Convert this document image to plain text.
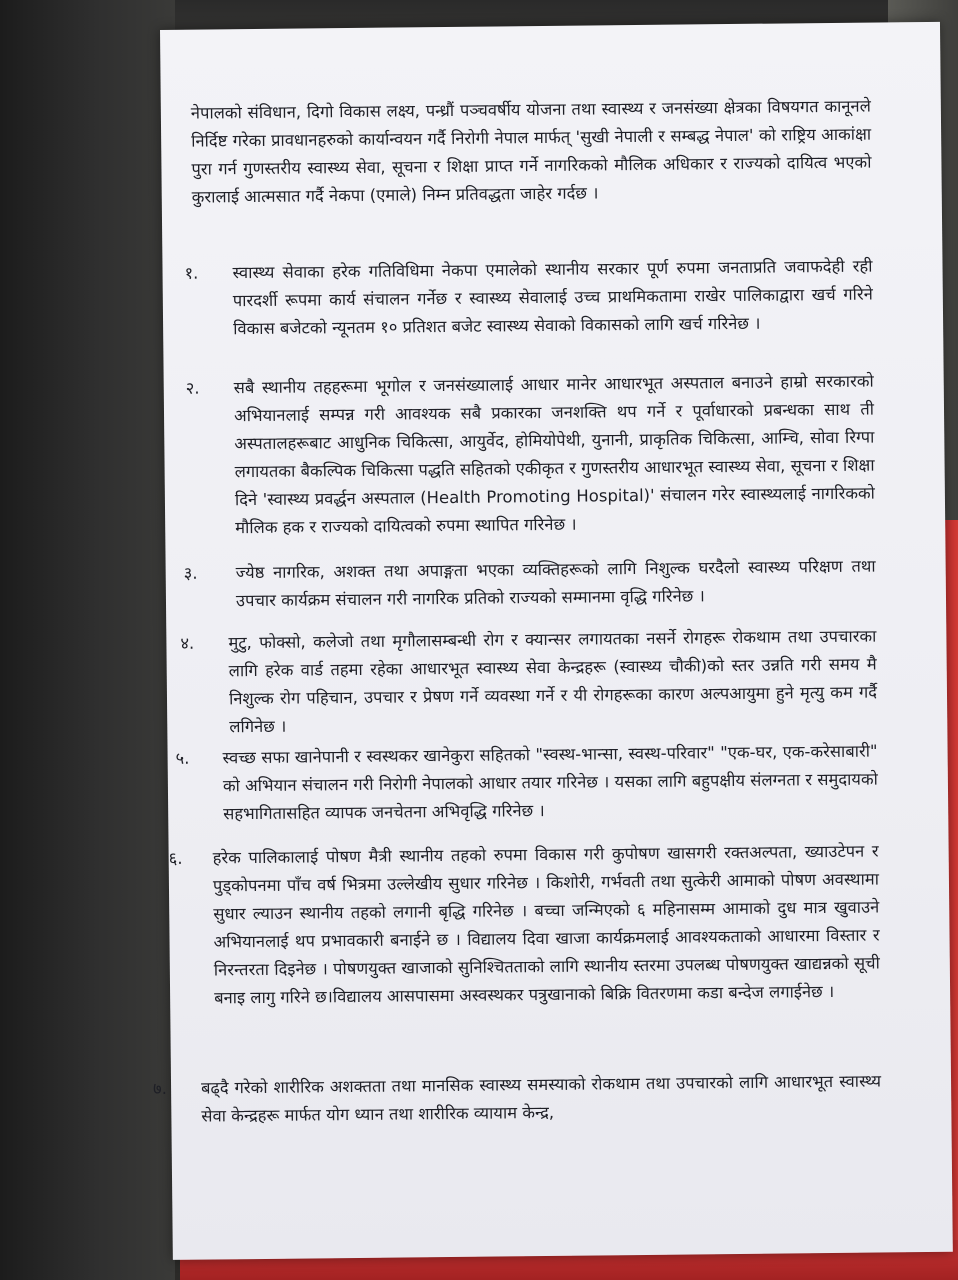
नेपालको संविधान, दिगो विकास लक्ष्य, पन्ध्रौं पञ्चवर्षीय योजना तथा स्वास्थ्य र जनसंख्या क्षेत्रका विषयगत कानूनले निर्दिष्ट गरेका प्रावधानहरुको कार्यान्वयन गर्दै निरोगी नेपाल मार्फत् 'सुखी नेपाली र सम्बद्ध नेपाल' को राष्ट्रिय आकांक्षा पुरा गर्न गुणस्तरीय स्वास्थ्य सेवा, सूचना र शिक्षा प्राप्त गर्ने नागरिकको मौलिक अधिकार र राज्यको दायित्व भएको कुरालाई आत्मसात गर्दै नेकपा (एमाले) निम्न प्रतिवद्धता जाहेर गर्दछ ।

१. स्वास्थ्य सेवाका हरेक गतिविधिमा नेकपा एमालेको स्थानीय सरकार पूर्ण रुपमा जनताप्रति जवाफदेही रही पारदर्शी रूपमा कार्य संचालन गर्नेछ र स्वास्थ्य सेवालाई उच्च प्राथमिकतामा राखेर पालिकाद्वारा खर्च गरिने विकास बजेटको न्यूनतम १० प्रतिशत बजेट स्वास्थ्य सेवाको विकासको लागि खर्च गरिनेछ ।

२. सबै स्थानीय तहहरूमा भूगोल र जनसंख्यालाई आधार मानेर आधारभूत अस्पताल बनाउने हाम्रो सरकारको अभियानलाई सम्पन्न गरी आवश्यक सबै प्रकारका जनशक्ति थप गर्ने र पूर्वाधारको प्रबन्धका साथ ती अस्पतालहरूबाट आधुनिक चिकित्सा, आयुर्वेद, होमियोपेथी, युनानी, प्राकृतिक चिकित्सा, आम्चि, सोवा रिग्पा लगायतका बैकल्पिक चिकित्सा पद्धति सहितको एकीकृत र गुणस्तरीय आधारभूत स्वास्थ्य सेवा, सूचना र शिक्षा दिने 'स्वास्थ्य प्रवर्द्धन अस्पताल (Health Promoting Hospital)' संचालन गरेर स्वास्थ्यलाई नागरिकको मौलिक हक र राज्यको दायित्वको रुपमा स्थापित गरिनेछ ।

३. ज्येष्ठ नागरिक, अशक्त तथा अपाङ्गता भएका व्यक्तिहरूको लागि निशुल्क घरदैलो स्वास्थ्य परिक्षण तथा उपचार कार्यक्रम संचालन गरी नागरिक प्रतिको राज्यको सम्मानमा वृद्धि गरिनेछ ।

४. मुटु, फोक्सो, कलेजो तथा मृगौलासम्बन्धी रोग र क्यान्सर लगायतका नसर्ने रोगहरू रोकथाम तथा उपचारका लागि हरेक वार्ड तहमा रहेका आधारभूत स्वास्थ्य सेवा केन्द्रहरू (स्वास्थ्य चौकी)को स्तर उन्नति गरी समय मै निशुल्क रोग पहिचान, उपचार र प्रेषण गर्ने व्यवस्था गर्ने र यी रोगहरूका कारण अल्पआयुमा हुने मृत्यु कम गर्दै लगिनेछ ।

५. स्वच्छ सफा खानेपानी र स्वस्थकर खानेकुरा सहितको "स्वस्थ-भान्सा, स्वस्थ-परिवार" "एक-घर, एक-करेसाबारी" को अभियान संचालन गरी निरोगी नेपालको आधार तयार गरिनेछ । यसका लागि बहुपक्षीय संलग्नता र समुदायको सहभागितासहित व्यापक जनचेतना अभिवृद्धि गरिनेछ ।

६. हरेक पालिकालाई पोषण मैत्री स्थानीय तहको रुपमा विकास गरी कुपोषण खासगरी रक्तअल्पता, ख्याउटेपन र पुड्कोपनमा पाँच वर्ष भित्रमा उल्लेखीय सुधार गरिनेछ । किशोरी, गर्भवती तथा सुत्केरी आमाको पोषण अवस्थामा सुधार ल्याउन स्थानीय तहको लगानी बृद्धि गरिनेछ । बच्चा जन्मिएको ६ महिनासम्म आमाको दुध मात्र खुवाउने अभियानलाई थप प्रभावकारी बनाईने छ । विद्यालय दिवा खाजा कार्यक्रमलाई आवश्यकताको आधारमा विस्तार र निरन्तरता दिइनेछ । पोषणयुक्त खाजाको सुनिश्चितताको लागि स्थानीय स्तरमा उपलब्ध पोषणयुक्त खाद्यन्नको सूची बनाइ लागु गरिने छ।विद्यालय आसपासमा अस्वस्थकर पत्रुखानाको बिक्रि वितरणमा कडा बन्देज लगाईनेछ ।

७. बढ्दै गरेको शारीरिक अशक्तता तथा मानसिक स्वास्थ्य समस्याको रोकथाम तथा उपचारको लागि आधारभूत स्वास्थ्य सेवा केन्द्रहरू मार्फत योग ध्यान तथा शारीरिक व्यायाम केन्द्र,
